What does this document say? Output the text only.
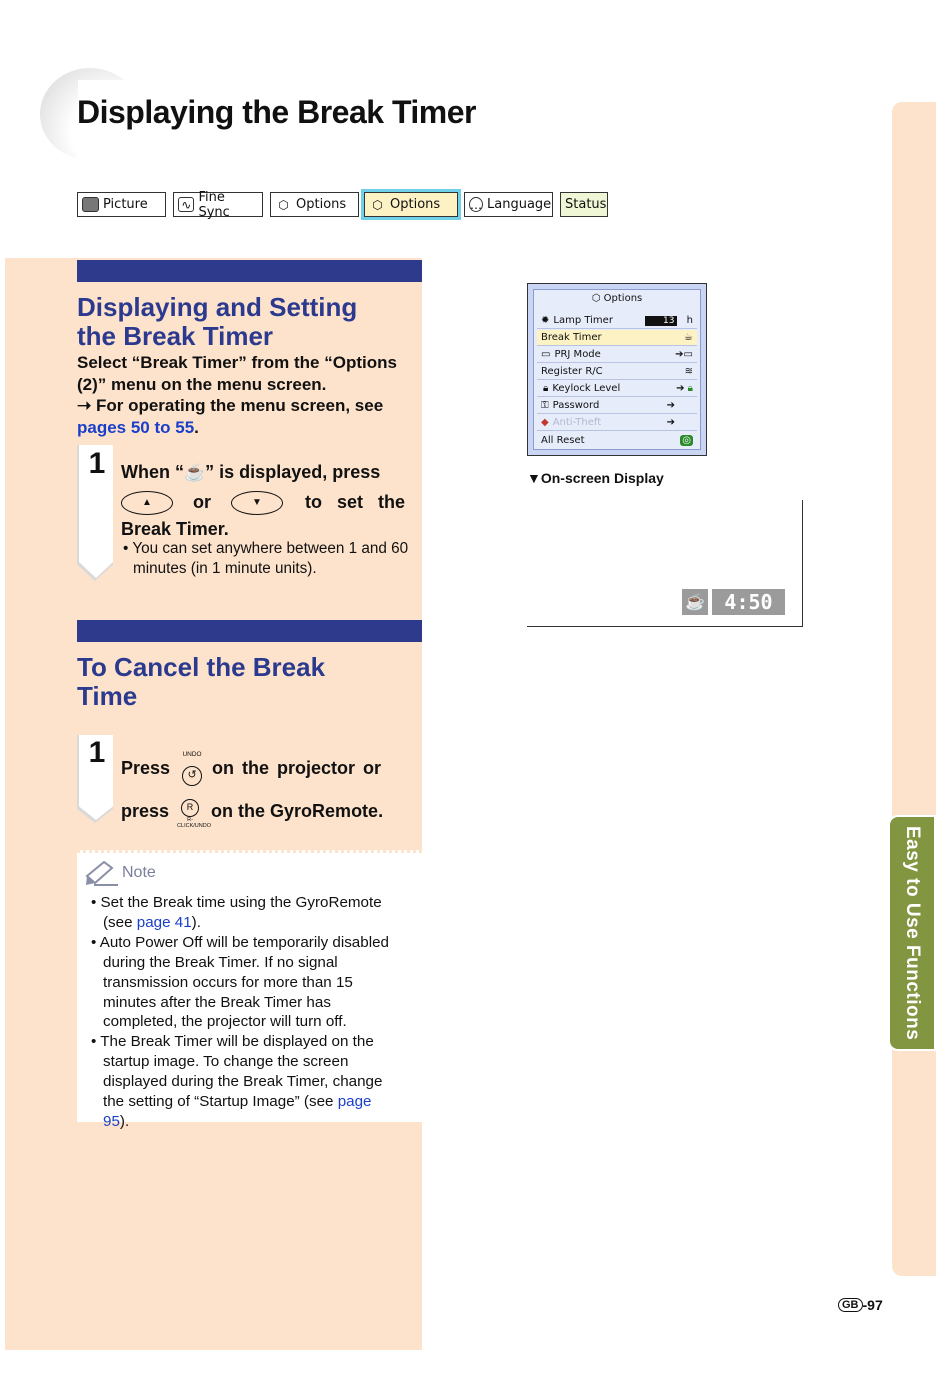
Displaying the Break Timer
Picture	∿ Fine Sync	⬡ Options ⬡ Options … Language Status
Easy to Use Functions
Displaying and Setting the Break Timer
Select “Break Timer” from the “Options (2)” menu on the menu screen.
➝ For operating the menu screen, see pages 50 to 55.
1 When “☕” is displayed, press
▲	or	▼	to set the
Break Timer.
• You can set anywhere between 1 and 60 minutes (in 1 minute units).
To Cancel the Break Time
1 Press
UNDO
↺ on the projector or
press	R
R-CLICK/UNDO
on the GyroRemote.
Note
• Set the Break time using the GyroRemote (see page 41).
• Auto Power Off will be temporarily disabled during the Break Timer. If no signal transmission occurs for more than 15 minutes after the Break Timer has completed, the projector will turn off.
• The Break Timer will be displayed on the startup image. To change the screen displayed during the Break Timer, change the setting of “Startup Image” (see page 95).
⬡ Options
✹ Lamp Timer	13 h
Break Timer	☕
▭ PRJ Mode	➔▭
Register R/C	≋
🔒︎ Keylock Level	➔ 🔒︎
⚿ Password	➔
◆ Anti-Theft	➔
All Reset	◎
▼On-screen Display
☕ 4:50
GB -97
